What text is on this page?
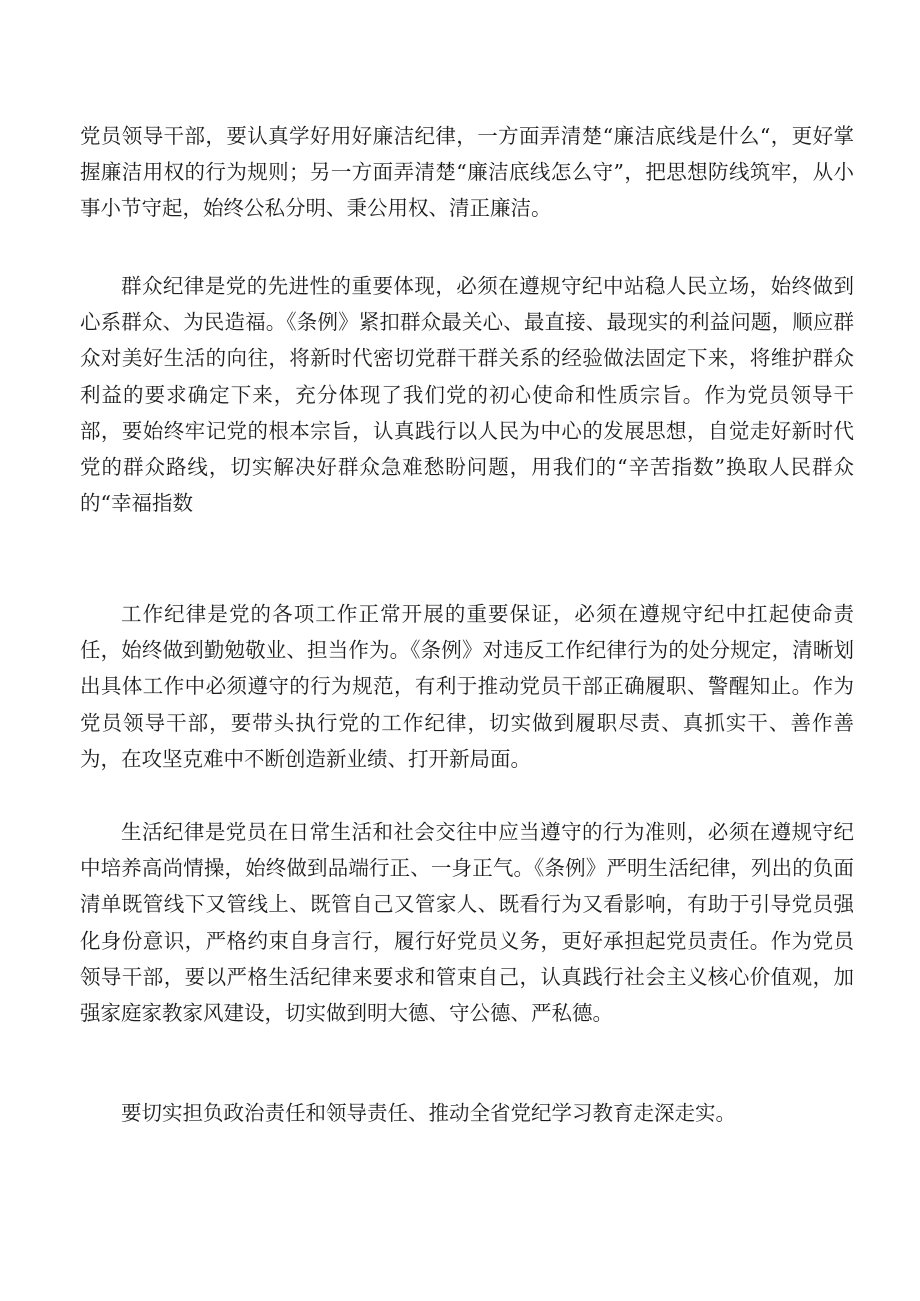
党员领导干部，要认真学好用好廉洁纪律，一方面弄清楚“廉洁底线是什么“，更好掌握廉洁用权的行为规则；另一方面弄清楚“廉洁底线怎么守”，把思想防线筑牢，从小事小节守起，始终公私分明、秉公用权、清正廉洁。

群众纪律是党的先进性的重要体现，必须在遵规守纪中站稳人民立场，始终做到心系群众、为民造福。《条例》紧扣群众最关心、最直接、最现实的利益问题，顺应群众对美好生活的向往，将新时代密切党群干群关系的经验做法固定下来，将维护群众利益的要求确定下来，充分体现了我们党的初心使命和性质宗旨。作为党员领导干部，要始终牢记党的根本宗旨，认真践行以人民为中心的发展思想，自觉走好新时代党的群众路线，切实解决好群众急难愁盼问题，用我们的“辛苦指数”换取人民群众的“幸福指数

工作纪律是党的各项工作正常开展的重要保证，必须在遵规守纪中扛起使命责任，始终做到勤勉敬业、担当作为。《条例》对违反工作纪律行为的处分规定，清晰划出具体工作中必须遵守的行为规范，有利于推动党员干部正确履职、警醒知止。作为党员领导干部，要带头执行党的工作纪律，切实做到履职尽责、真抓实干、善作善为，在攻坚克难中不断创造新业绩、打开新局面。

生活纪律是党员在日常生活和社会交往中应当遵守的行为准则，必须在遵规守纪中培养高尚情操，始终做到品端行正、一身正气。《条例》严明生活纪律，列出的负面清单既管线下又管线上、既管自己又管家人、既看行为又看影响，有助于引导党员强化身份意识，严格约束自身言行，履行好党员义务，更好承担起党员责任。作为党员领导干部，要以严格生活纪律来要求和管束自己，认真践行社会主义核心价值观，加强家庭家教家风建设，切实做到明大德、守公德、严私德。

要切实担负政治责任和领导责任、推动全省党纪学习教育走深走实。
